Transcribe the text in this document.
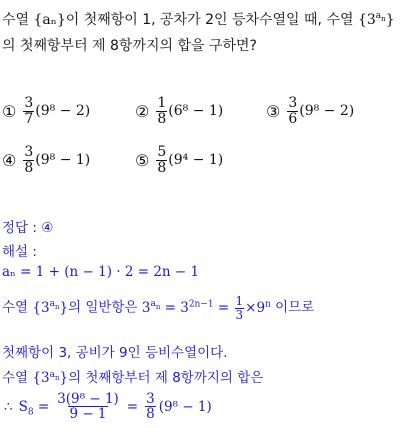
수열 {aₙ}이 첫째항이 1, 공차가 2인 등차수열일 때, 수열 $\{3^{a_n}\}$
의 첫째항부터 제 8항까지의 합을 구하면?
① $\frac{3}{7} (9^8 - 2)$	② $\frac{1}{8} (6^8 - 1)$	③ $\frac{3}{6} (9^8 - 2)$
④ $\frac{3}{8} (9^8 - 1)$	⑤ $\frac{5}{8} (9^4 - 1)$
정답 : ④
해설 :
aₙ = 1 + (n − 1) · 2 = 2n − 1
수열 $\{3^{a_n}\}$의 일반항은 $3^{a_n} = 3^{2n-1} = \frac{1}{3} \times 9^n$ 이므로
첫째항이 3, 공비가 9인 등비수열이다.
수열 $\{3^{a_n}\}$의 첫째항부터 제 8항까지의 합은
∴ $S_8 = \frac{\text{3(9⁸ − 1)}}{9 - 1} = \frac{3}{8} (9^8 - 1)$
